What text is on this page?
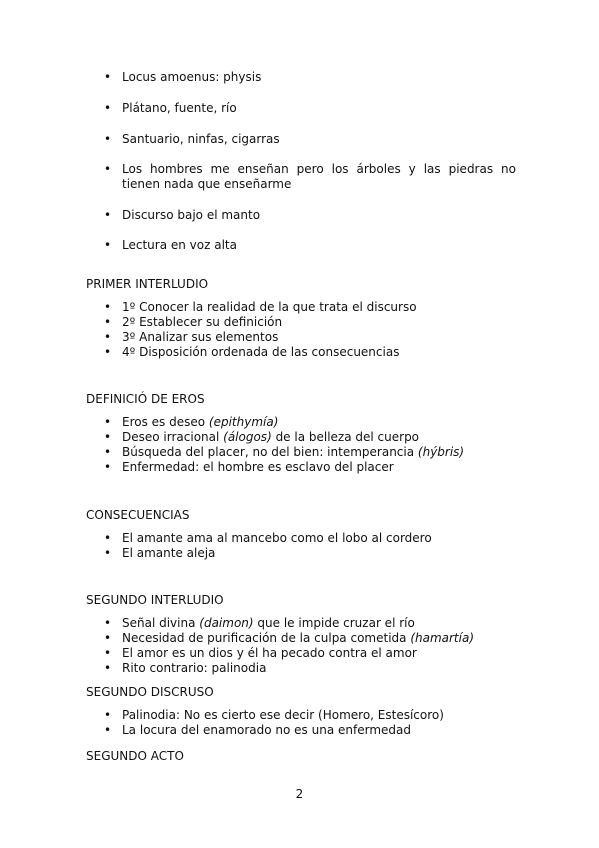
• Locus amoenus: physis
• Plátano, fuente, río
• Santuario, ninfas, cigarras
• Los hombres me enseñan pero los árboles y las piedras no tienen nada que enseñarme
• Discurso bajo el manto
• Lectura en voz alta
PRIMER INTERLUDIO
• 1º Conocer la realidad de la que trata el discurso
• 2º Establecer su definición
• 3º Analizar sus elementos
• 4º Disposición ordenada de las consecuencias
DEFINICIÓ DE EROS
• Eros es deseo (epithymía)
• Deseo irracional (álogos) de la belleza del cuerpo
• Búsqueda del placer, no del bien: intemperancia (hýbris)
• Enfermedad: el hombre es esclavo del placer
CONSECUENCIAS
• El amante ama al mancebo como el lobo al cordero
• El amante aleja
SEGUNDO INTERLUDIO
• Señal divina (daimon) que le impide cruzar el río
• Necesidad de purificación de la culpa cometida (hamartía)
• El amor es un dios y él ha pecado contra el amor
• Rito contrario: palinodia
SEGUNDO DISCRUSO
• Palinodia: No es cierto ese decir (Homero, Estesícoro)
• La locura del enamorado no es una enfermedad
SEGUNDO ACTO
2
